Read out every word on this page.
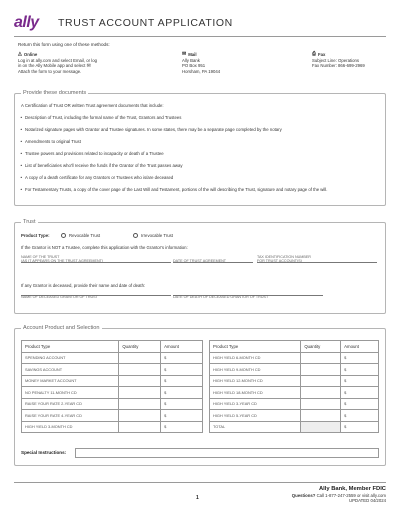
ally	TRUST ACCOUNT APPLICATION
Return this form using one of these methods:
◬ Online
Log in at ally.com and select Email, or log
in on the Ally Mobile app and select ✉
Attach the form to your message.
✉ Mail
Ally Bank
PO Box 951
Horsham, PA 19044
⎙ Fax
Subject Line: Operations
Fax Number: 866-699-2969
Provide these documents
A Certification of Trust OR written Trust agreement documents that include:
• Description of Trust, including the formal name of the Trust, Grantors and Trustees
• Notarized signature pages with Grantor and Trustee signatures. In some states, there may be a separate page completed by the notary
• Amendments to original Trust
• Trustee powers and provisions related to incapacity or death of a Trustee
• List of beneficiaries who'll receive the funds if the Grantor of the Trust passes away
• A copy of a death certificate for any Grantors or Trustees who is/are deceased
• For Testamentary Trusts, a copy of the cover page of the Last Will and Testament, portions of the will describing the Trust, signature and notary page of the will.
Trust
Product Type:	Revocable Trust	Irrevocable Trust
If the Grantor is NOT a Trustee, complete this application with the Grantor's information:
NAME OF THE TRUST
(AS IT APPEARS ON THE TRUST AGREEMENT)	DATE OF TRUST AGREEMENT
TAX IDENTIFICATION NUMBER
FOR TRUST ACCOUNT(S)
If any Grantor is deceased, provide their name and date of death:
NAME OF DECEASED GRANTOR OF TRUST	DATE OF DEATH OF DECEASED GRANTOR OF TRUST
Account Product and Selection
Product Type	Quantity	Amount
SPENDING ACCOUNT		$
SAVINGS ACCOUNT		$
MONEY MARKET ACCOUNT		$
NO PENALTY 11-MONTH CD		$
RAISE YOUR RATE 2-YEAR CD		$
RAISE YOUR RATE 4-YEAR CD		$
HIGH YIELD 3-MONTH CD		$
Product Type	Quantity	Amount
HIGH YIELD 6-MONTH CD		$
HIGH YIELD 9-MONTH CD		$
HIGH YIELD 12-MONTH CD		$
HIGH YIELD 18-MONTH CD		$
HIGH YIELD 3-YEAR CD		$
HIGH YIELD 5-YEAR CD		$
TOTAL		$
Special Instructions:
1
Ally Bank, Member FDIC
Questions? Call 1-877-247-2559 or visit ally.com
UPDATED 04/2024
